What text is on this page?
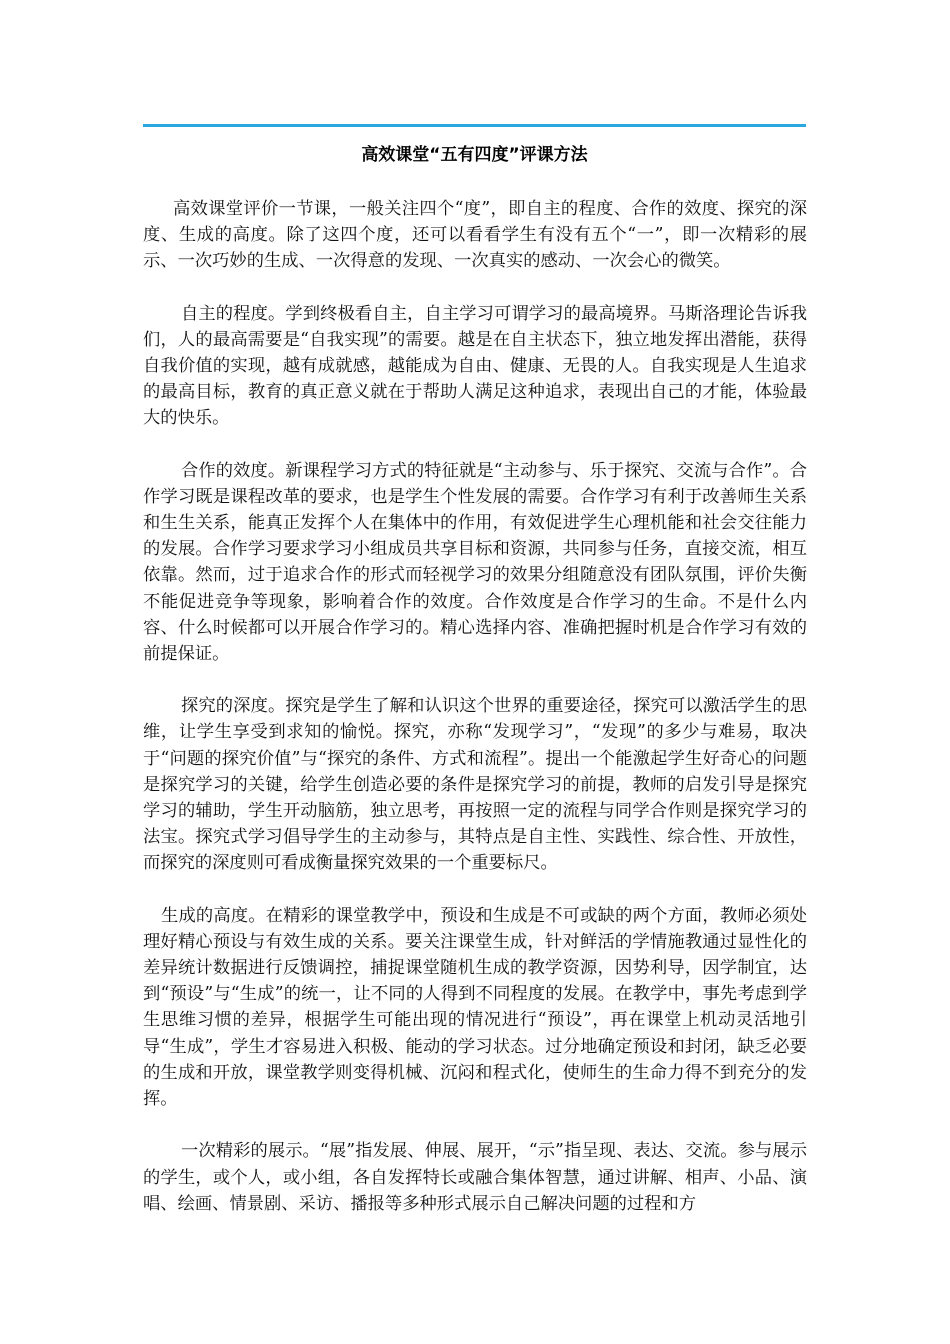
高效课堂“五有四度”评课方法

高效课堂评价一节课，一般关注四个“度”，即自主的程度、合作的效度、探究的深度、生成的高度。除了这四个度，还可以看看学生有没有五个“一”，即一次精彩的展示、一次巧妙的生成、一次得意的发现、一次真实的感动、一次会心的微笑。

自主的程度。学到终极看自主，自主学习可谓学习的最高境界。马斯洛理论告诉我们，人的最高需要是“自我实现”的需要。越是在自主状态下，独立地发挥出潜能，获得自我价值的实现，越有成就感，越能成为自由、健康、无畏的人。自我实现是人生追求的最高目标，教育的真正意义就在于帮助人满足这种追求，表现出自己的才能，体验最大的快乐。

合作的效度。新课程学习方式的特征就是“主动参与、乐于探究、交流与合作”。合作学习既是课程改革的要求，也是学生个性发展的需要。合作学习有利于改善师生关系和生生关系，能真正发挥个人在集体中的作用，有效促进学生心理机能和社会交往能力的发展。合作学习要求学习小组成员共享目标和资源，共同参与任务，直接交流，相互依靠。然而，过于追求合作的形式而轻视学习的效果分组随意没有团队氛围，评价失衡不能促进竞争等现象，影响着合作的效度。合作效度是合作学习的生命。不是什么内容、什么时候都可以开展合作学习的。精心选择内容、准确把握时机是合作学习有效的前提保证。

探究的深度。探究是学生了解和认识这个世界的重要途径，探究可以激活学生的思维，让学生享受到求知的愉悦。探究，亦称“发现学习”，“发现”的多少与难易，取决于“问题的探究价值”与“探究的条件、方式和流程”。提出一个能激起学生好奇心的问题是探究学习的关键，给学生创造必要的条件是探究学习的前提，教师的启发引导是探究学习的辅助，学生开动脑筋，独立思考，再按照一定的流程与同学合作则是探究学习的法宝。探究式学习倡导学生的主动参与，其特点是自主性、实践性、综合性、开放性，而探究的深度则可看成衡量探究效果的一个重要标尺。

生成的高度。在精彩的课堂教学中，预设和生成是不可或缺的两个方面，教师必须处理好精心预设与有效生成的关系。要关注课堂生成，针对鲜活的学情施教通过显性化的差异统计数据进行反馈调控，捕捉课堂随机生成的教学资源，因势利导，因学制宜，达到“预设”与“生成”的统一，让不同的人得到不同程度的发展。在教学中，事先考虑到学生思维习惯的差异，根据学生可能出现的情况进行“预设”，再在课堂上机动灵活地引导“生成”，学生才容易进入积极、能动的学习状态。过分地确定预设和封闭，缺乏必要的生成和开放，课堂教学则变得机械、沉闷和程式化，使师生的生命力得不到充分的发挥。

一次精彩的展示。“展”指发展、伸展、展开，“示”指呈现、表达、交流。参与展示的学生，或个人，或小组，各自发挥特长或融合集体智慧，通过讲解、相声、小品、演唱、绘画、情景剧、采访、播报等多种形式展示自己解决问题的过程和方
